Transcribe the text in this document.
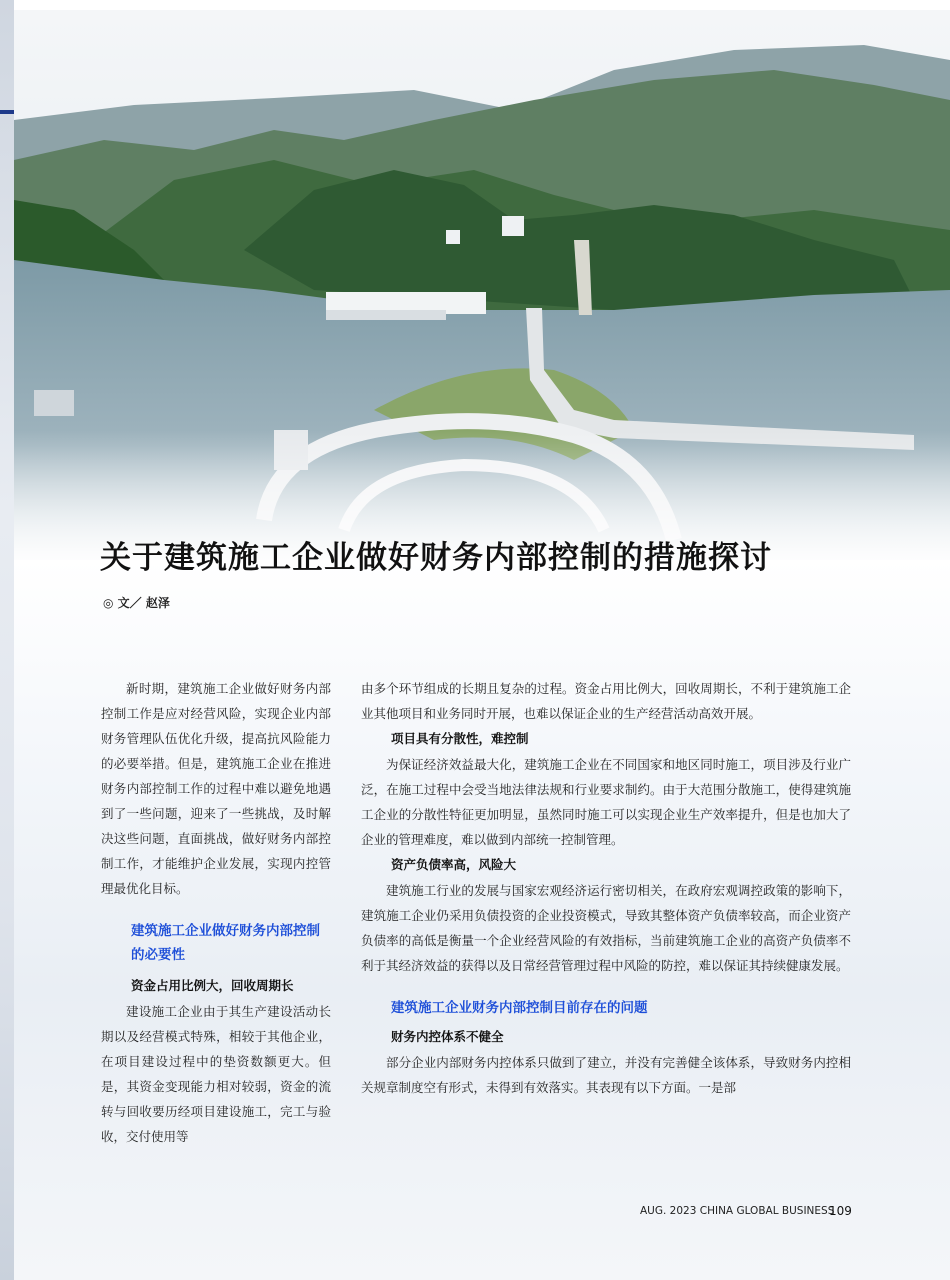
关于建筑施工企业做好财务内部控制的措施探讨
◎ 文／ 赵泽

新时期，建筑施工企业做好财务内部控制工作是应对经营风险，实现企业内部财务管理队伍优化升级，提高抗风险能力的必要举措。但是，建筑施工企业在推进财务内部控制工作的过程中难以避免地遇到了一些问题，迎来了一些挑战，及时解决这些问题，直面挑战，做好财务内部控制工作，才能维护企业发展，实现内控管理最优化目标。

建筑施工企业做好财务内部控制的必要性

资金占用比例大，回收周期长

建设施工企业由于其生产建设活动长期以及经营模式特殊，相较于其他企业，在项目建设过程中的垫资数额更大。但是，其资金变现能力相对较弱，资金的流转与回收要历经项目建设施工，完工与验收，交付使用等

由多个环节组成的长期且复杂的过程。资金占用比例大，回收周期长，不利于建筑施工企业其他项目和业务同时开展，也难以保证企业的生产经营活动高效开展。

项目具有分散性，难控制

为保证经济效益最大化，建筑施工企业在不同国家和地区同时施工，项目涉及行业广泛，在施工过程中会受当地法律法规和行业要求制约。由于大范围分散施工，使得建筑施工企业的分散性特征更加明显，虽然同时施工可以实现企业生产效率提升，但是也加大了企业的管理难度，难以做到内部统一控制管理。

资产负债率高，风险大

建筑施工行业的发展与国家宏观经济运行密切相关，在政府宏观调控政策的影响下，建筑施工企业仍采用负债投资的企业投资模式，导致其整体资产负债率较高，而企业资产负债率的高低是衡量一个企业经营风险的有效指标，当前建筑施工企业的高资产负债率不利于其经济效益的获得以及日常经营管理过程中风险的防控，难以保证其持续健康发展。

建筑施工企业财务内部控制目前存在的问题

财务内控体系不健全

部分企业内部财务内控体系只做到了建立，并没有完善健全该体系，导致财务内控相关规章制度空有形式，未得到有效落实。其表现有以下方面。一是部

AUG. 2023 CHINA GLOBAL BUSINESS
109
